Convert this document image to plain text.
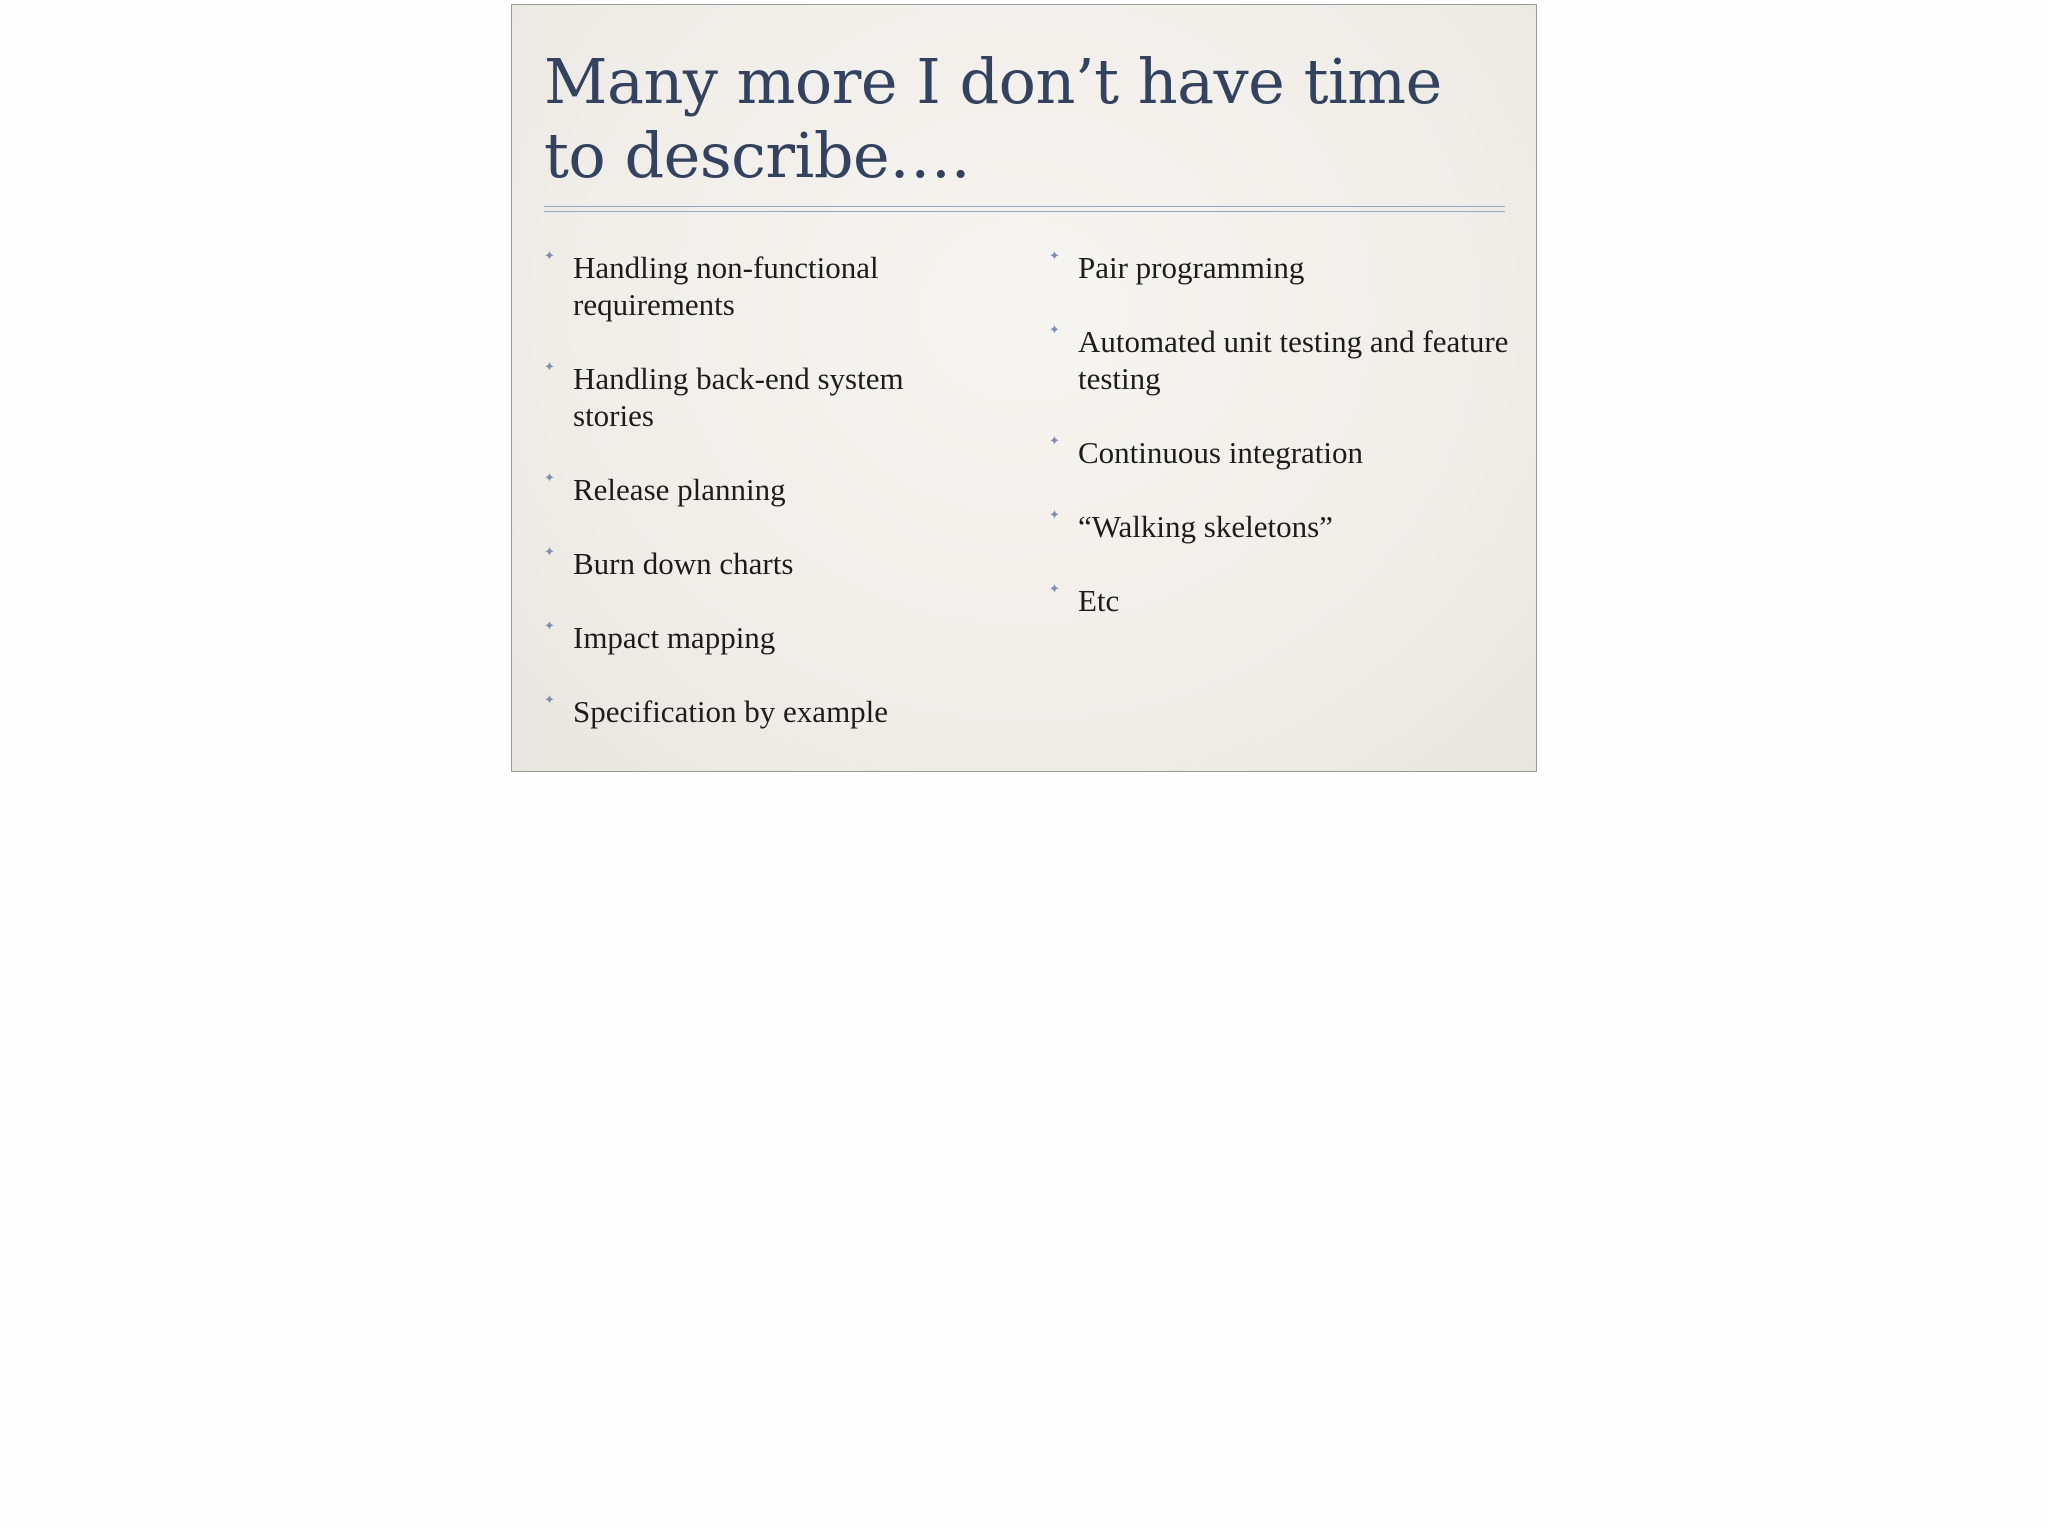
Many more I don’t have time to describe….
✦ Handling non-functional requirements
✦ Handling back-end system stories
✦ Release planning
✦ Burn down charts
✦ Impact mapping
✦ Specification by example
✦ Pair programming
✦ Automated unit testing and feature testing
✦ Continuous integration
✦ “Walking skeletons”
✦ Etc
